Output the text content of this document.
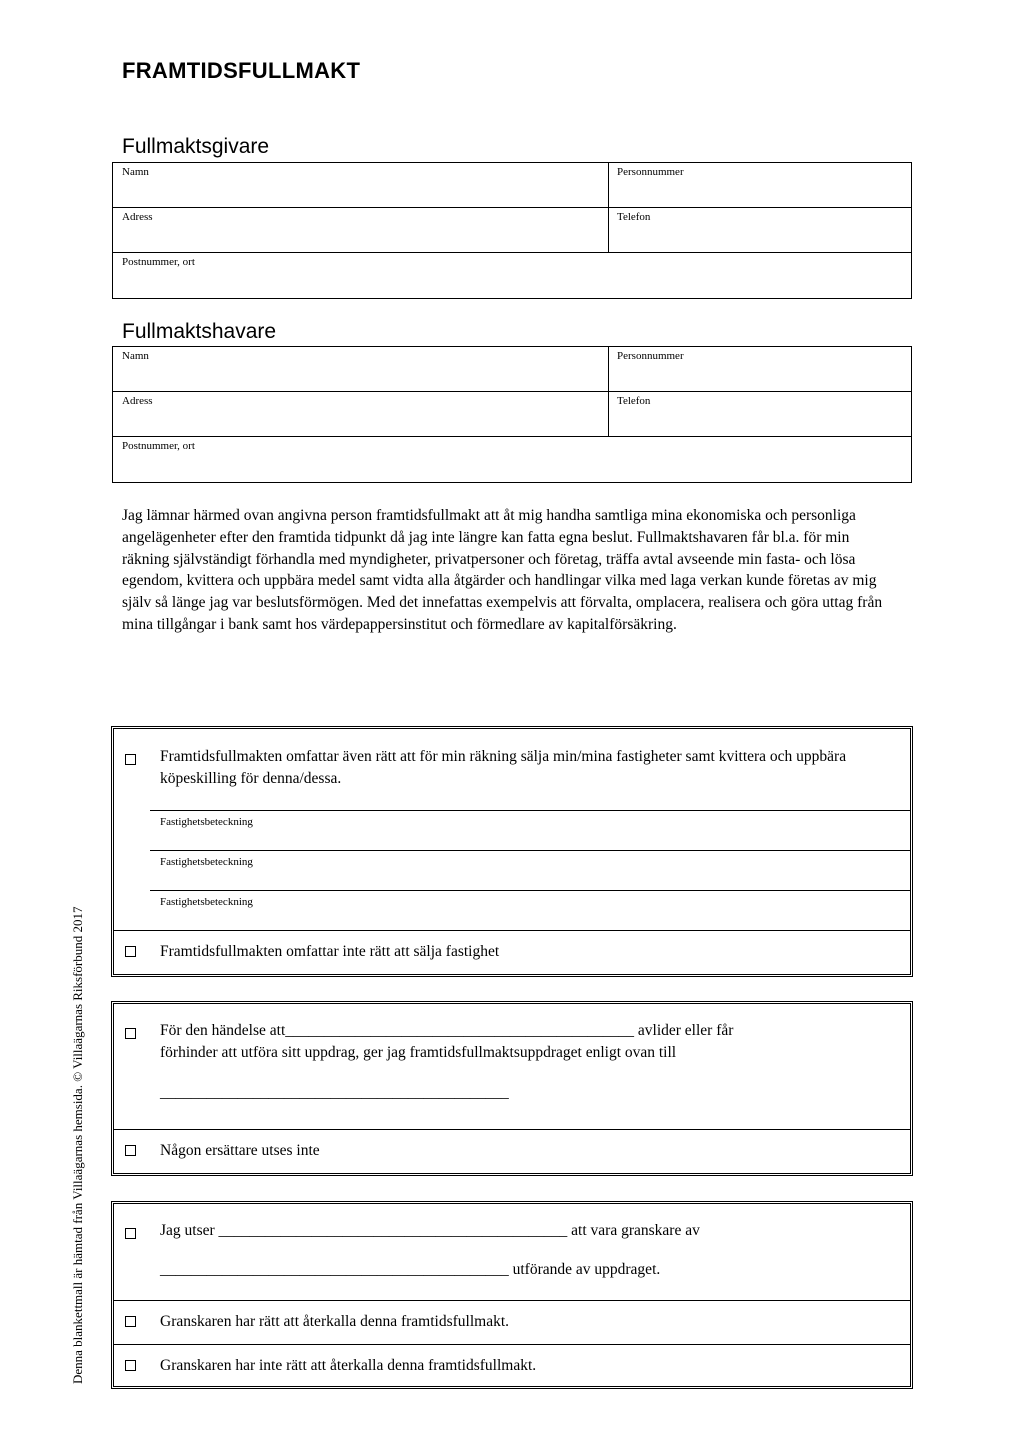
FRAMTIDSFULLMAKT
Fullmaktsgivare
Namn	Personnummer
Adress	Telefon
Postnummer, ort
Fullmaktshavare
Namn	Personnummer
Adress	Telefon
Postnummer, ort
Jag lämnar härmed ovan angivna person framtidsfullmakt att åt mig handha samtliga mina ekonomiska och personliga angelägenheter efter den framtida tidpunkt då jag inte längre kan fatta egna beslut. Fullmaktshavaren får bl.a. för min räkning självständigt förhandla med myndigheter, privatpersoner och företag, träffa avtal avseende min fasta- och lösa egendom, kvittera och uppbära medel samt vidta alla åtgärder och handlingar vilka med laga verkan kunde företas av mig själv så länge jag var beslutsförmögen. Med det innefattas exempelvis att förvalta, omplacera, realisera och göra uttag från mina tillgångar i bank samt hos värdepappersinstitut och förmedlare av kapitalförsäkring.
Framtidsfullmakten omfattar även rätt att för min räkning sälja min/mina fastigheter samt kvittera och uppbära köpeskilling för denna/dessa.
Fastighetsbeteckning
Fastighetsbeteckning
Fastighetsbeteckning
Framtidsfullmakten omfattar inte rätt att sälja fastighet
För den händelse att_____________________________________________ avlider eller får
förhinder att utföra sitt uppdrag, ger jag framtidsfullmaktsuppdraget enligt ovan till
_____________________________________________
Någon ersättare utses inte
Jag utser _____________________________________________ att vara granskare av
_____________________________________________ utförande av uppdraget.
Granskaren har rätt att återkalla denna framtidsfullmakt.
Granskaren har inte rätt att återkalla denna framtidsfullmakt.
Denna blankettmall är hämtad från Villaägarnas hemsida. © Villaägarnas Riksförbund 2017
